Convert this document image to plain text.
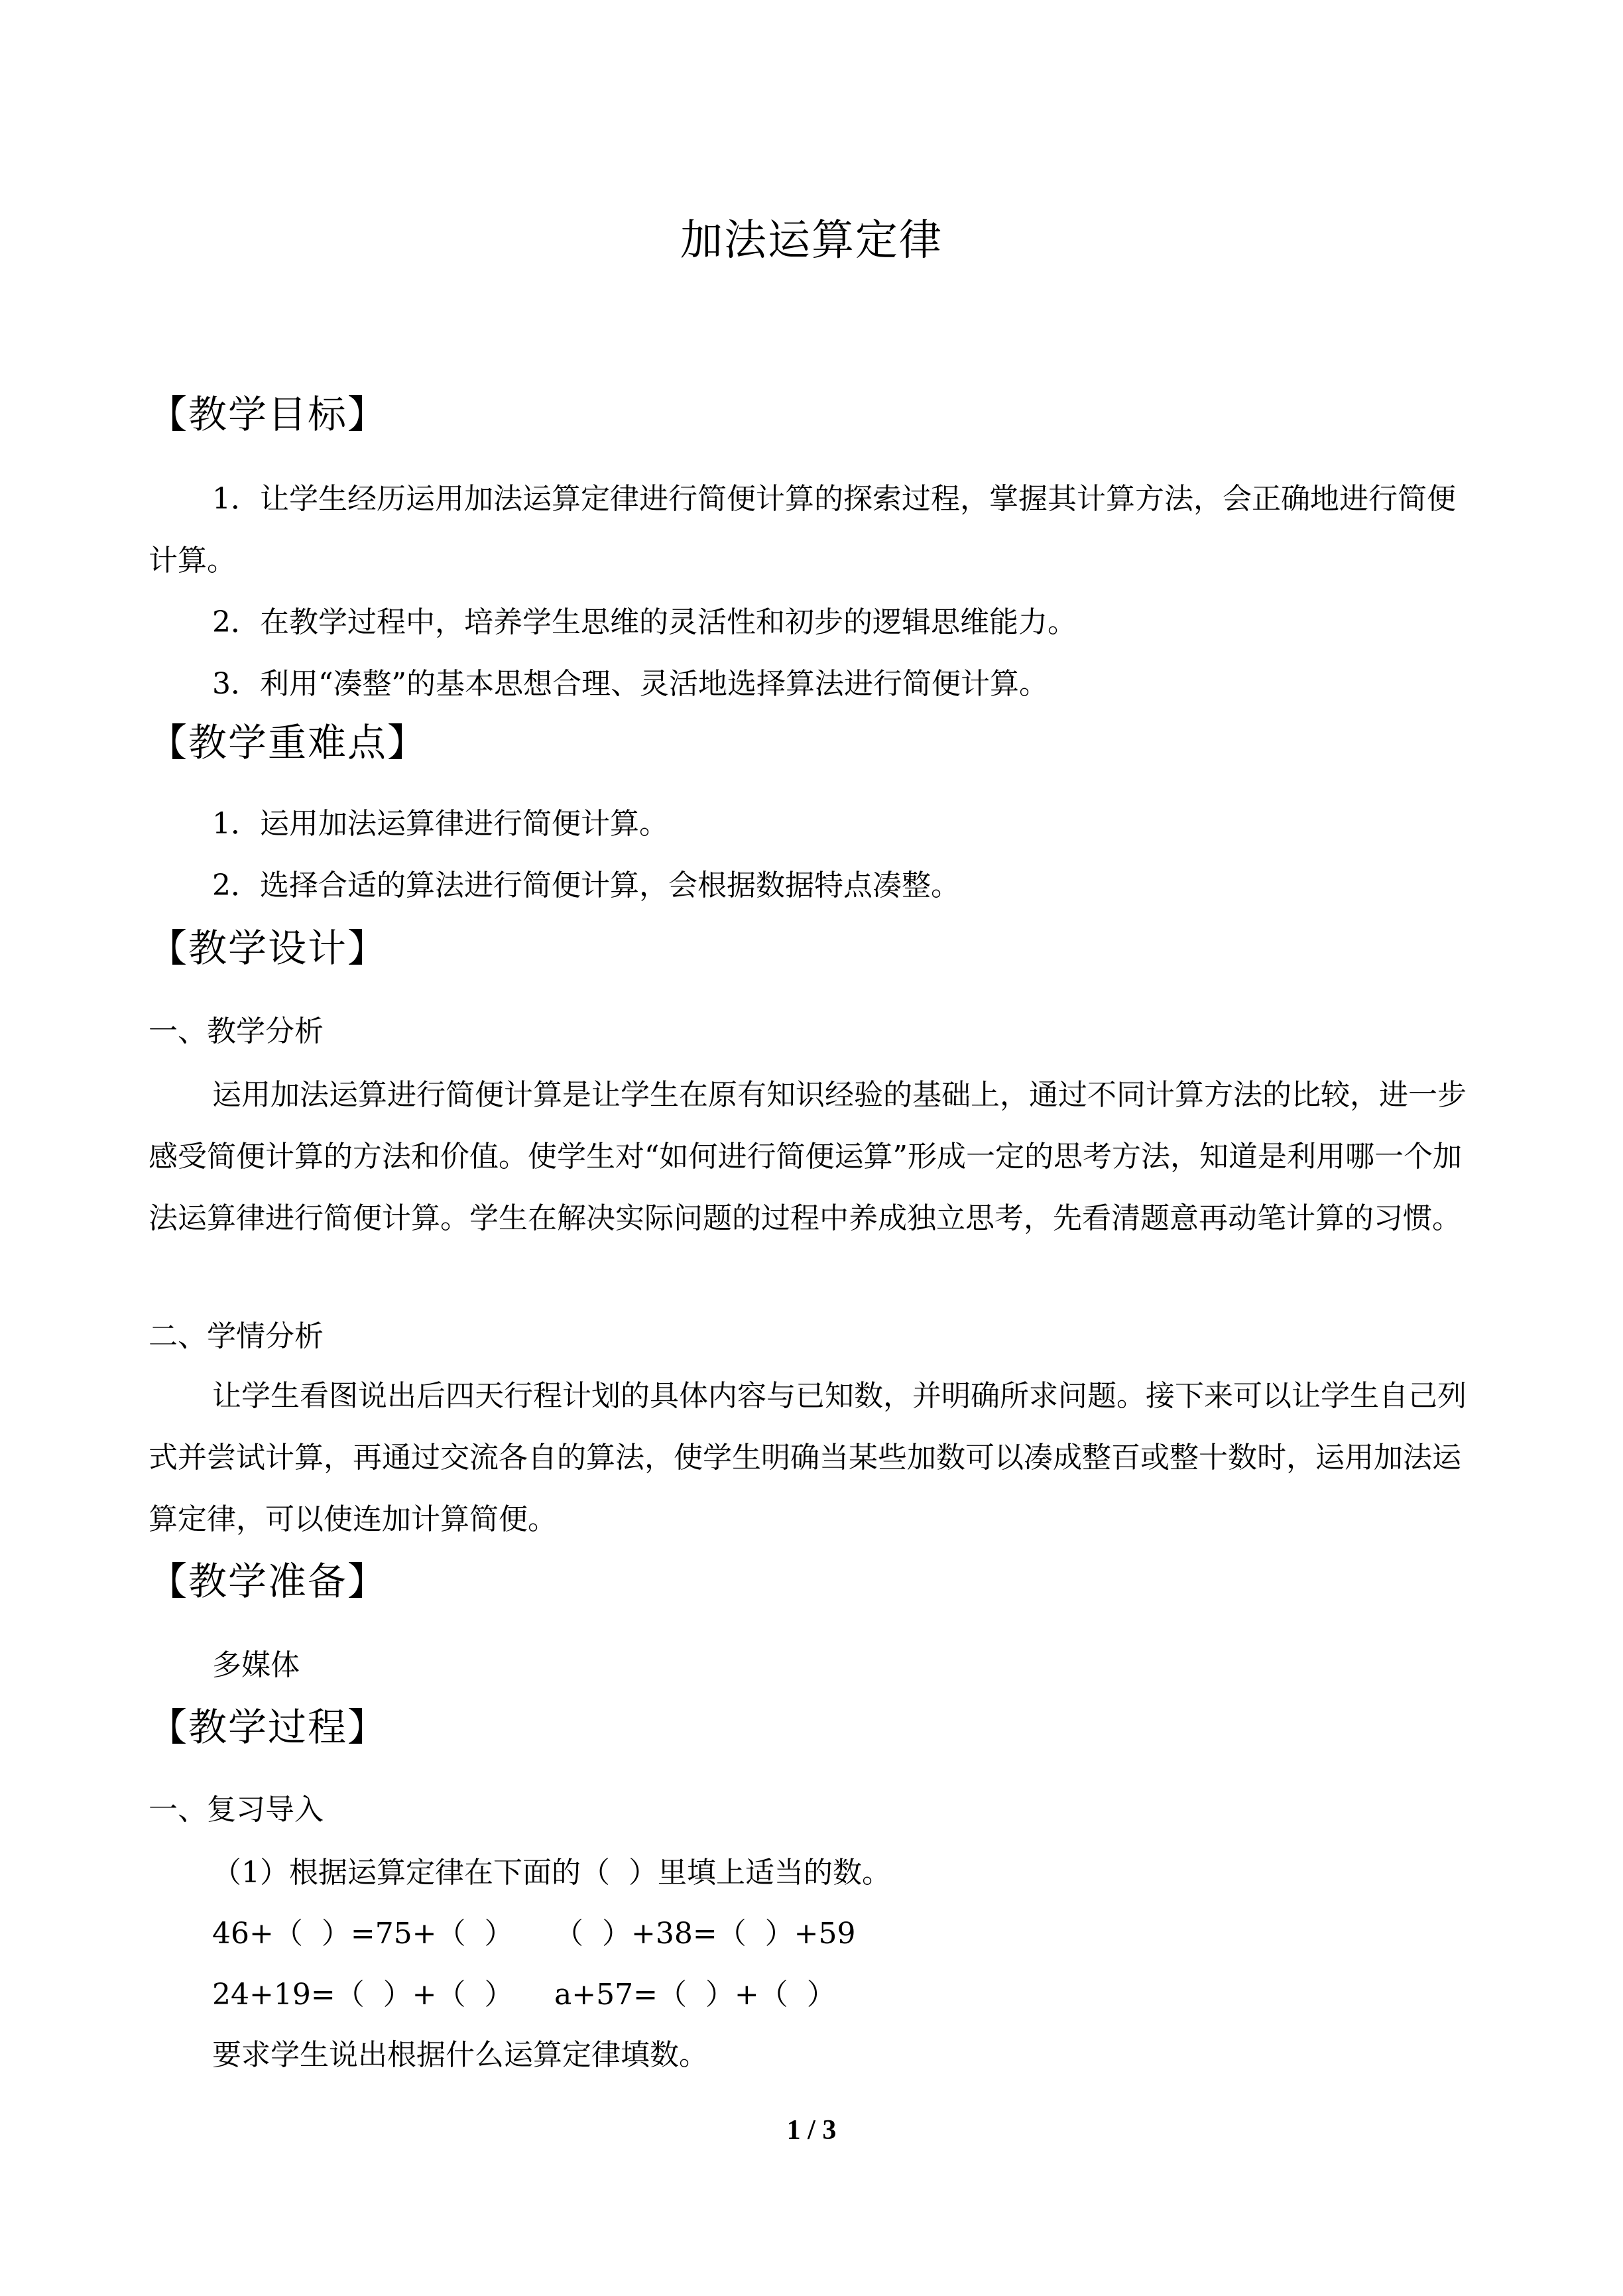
加法运算定律
【教学目标】
1．让学生经历运用加法运算定律进行简便计算的探索过程，掌握其计算方法，会正确地进行简便计算。
2．在教学过程中，培养学生思维的灵活性和初步的逻辑思维能力。
3．利用“凑整”的基本思想合理、灵活地选择算法进行简便计算。
【教学重难点】
1．运用加法运算律进行简便计算。
2．选择合适的算法进行简便计算，会根据数据特点凑整。
【教学设计】
一、教学分析
运用加法运算进行简便计算是让学生在原有知识经验的基础上，通过不同计算方法的比较，进一步感受简便计算的方法和价值。使学生对“如何进行简便运算”形成一定的思考方法，知道是利用哪一个加法运算律进行简便计算。学生在解决实际问题的过程中养成独立思考，先看清题意再动笔计算的习惯。
二、学情分析
让学生看图说出后四天行程计划的具体内容与已知数，并明确所求问题。接下来可以让学生自己列式并尝试计算，再通过交流各自的算法，使学生明确当某些加数可以凑成整百或整十数时，运用加法运算定律，可以使连加计算简便。
【教学准备】
多媒体
【教学过程】
一、复习导入
（1）根据运算定律在下面的（  ）里填上适当的数。
46+（  ）=75+（  ） （  ）+38=（  ）+59
24+19=（  ）+（  ） a+57=（  ）+（  ）
要求学生说出根据什么运算定律填数。
1 / 3
